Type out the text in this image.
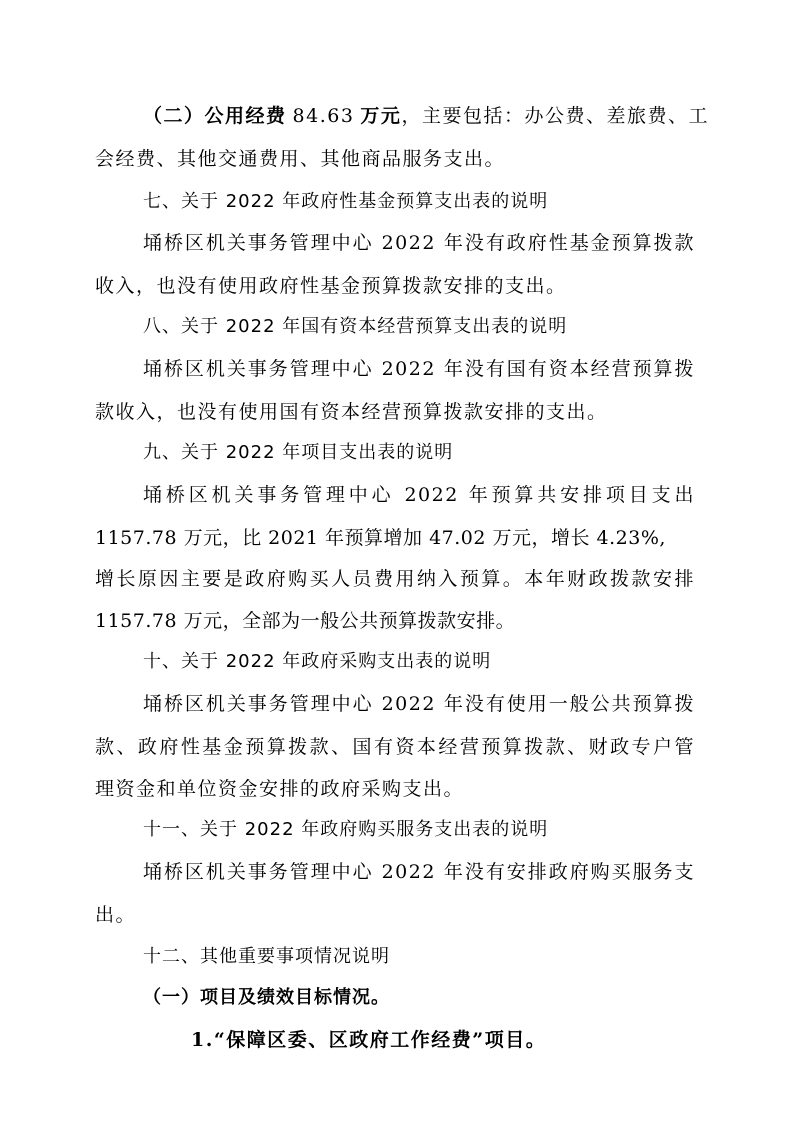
（二）公用经费 84.63 万元，主要包括：办公费、差旅费、工
会经费、其他交通费用、其他商品服务支出。
七、关于 2022 年政府性基金预算支出表的说明
埇桥区机关事务管理中心 2022 年没有政府性基金预算拨款
收入，也没有使用政府性基金预算拨款安排的支出。
八、关于 2022 年国有资本经营预算支出表的说明
埇桥区机关事务管理中心 2022 年没有国有资本经营预算拨
款收入，也没有使用国有资本经营预算拨款安排的支出。
九、关于 2022 年项目支出表的说明
埇桥区机关事务管理中心 2022 年预算共安排项目支出
1157.78 万元，比 2021 年预算增加 47.02 万元，增长 4.23%,
增长原因主要是政府购买人员费用纳入预算。本年财政拨款安排
1157.78 万元，全部为一般公共预算拨款安排。
十、关于 2022 年政府采购支出表的说明
埇桥区机关事务管理中心 2022 年没有使用一般公共预算拨
款、政府性基金预算拨款、国有资本经营预算拨款、财政专户管
理资金和单位资金安排的政府采购支出。
十一、关于 2022 年政府购买服务支出表的说明
埇桥区机关事务管理中心 2022 年没有安排政府购买服务支
出。
十二、其他重要事项情况说明
（一）项目及绩效目标情况。
1.“保障区委、区政府工作经费”项目。
